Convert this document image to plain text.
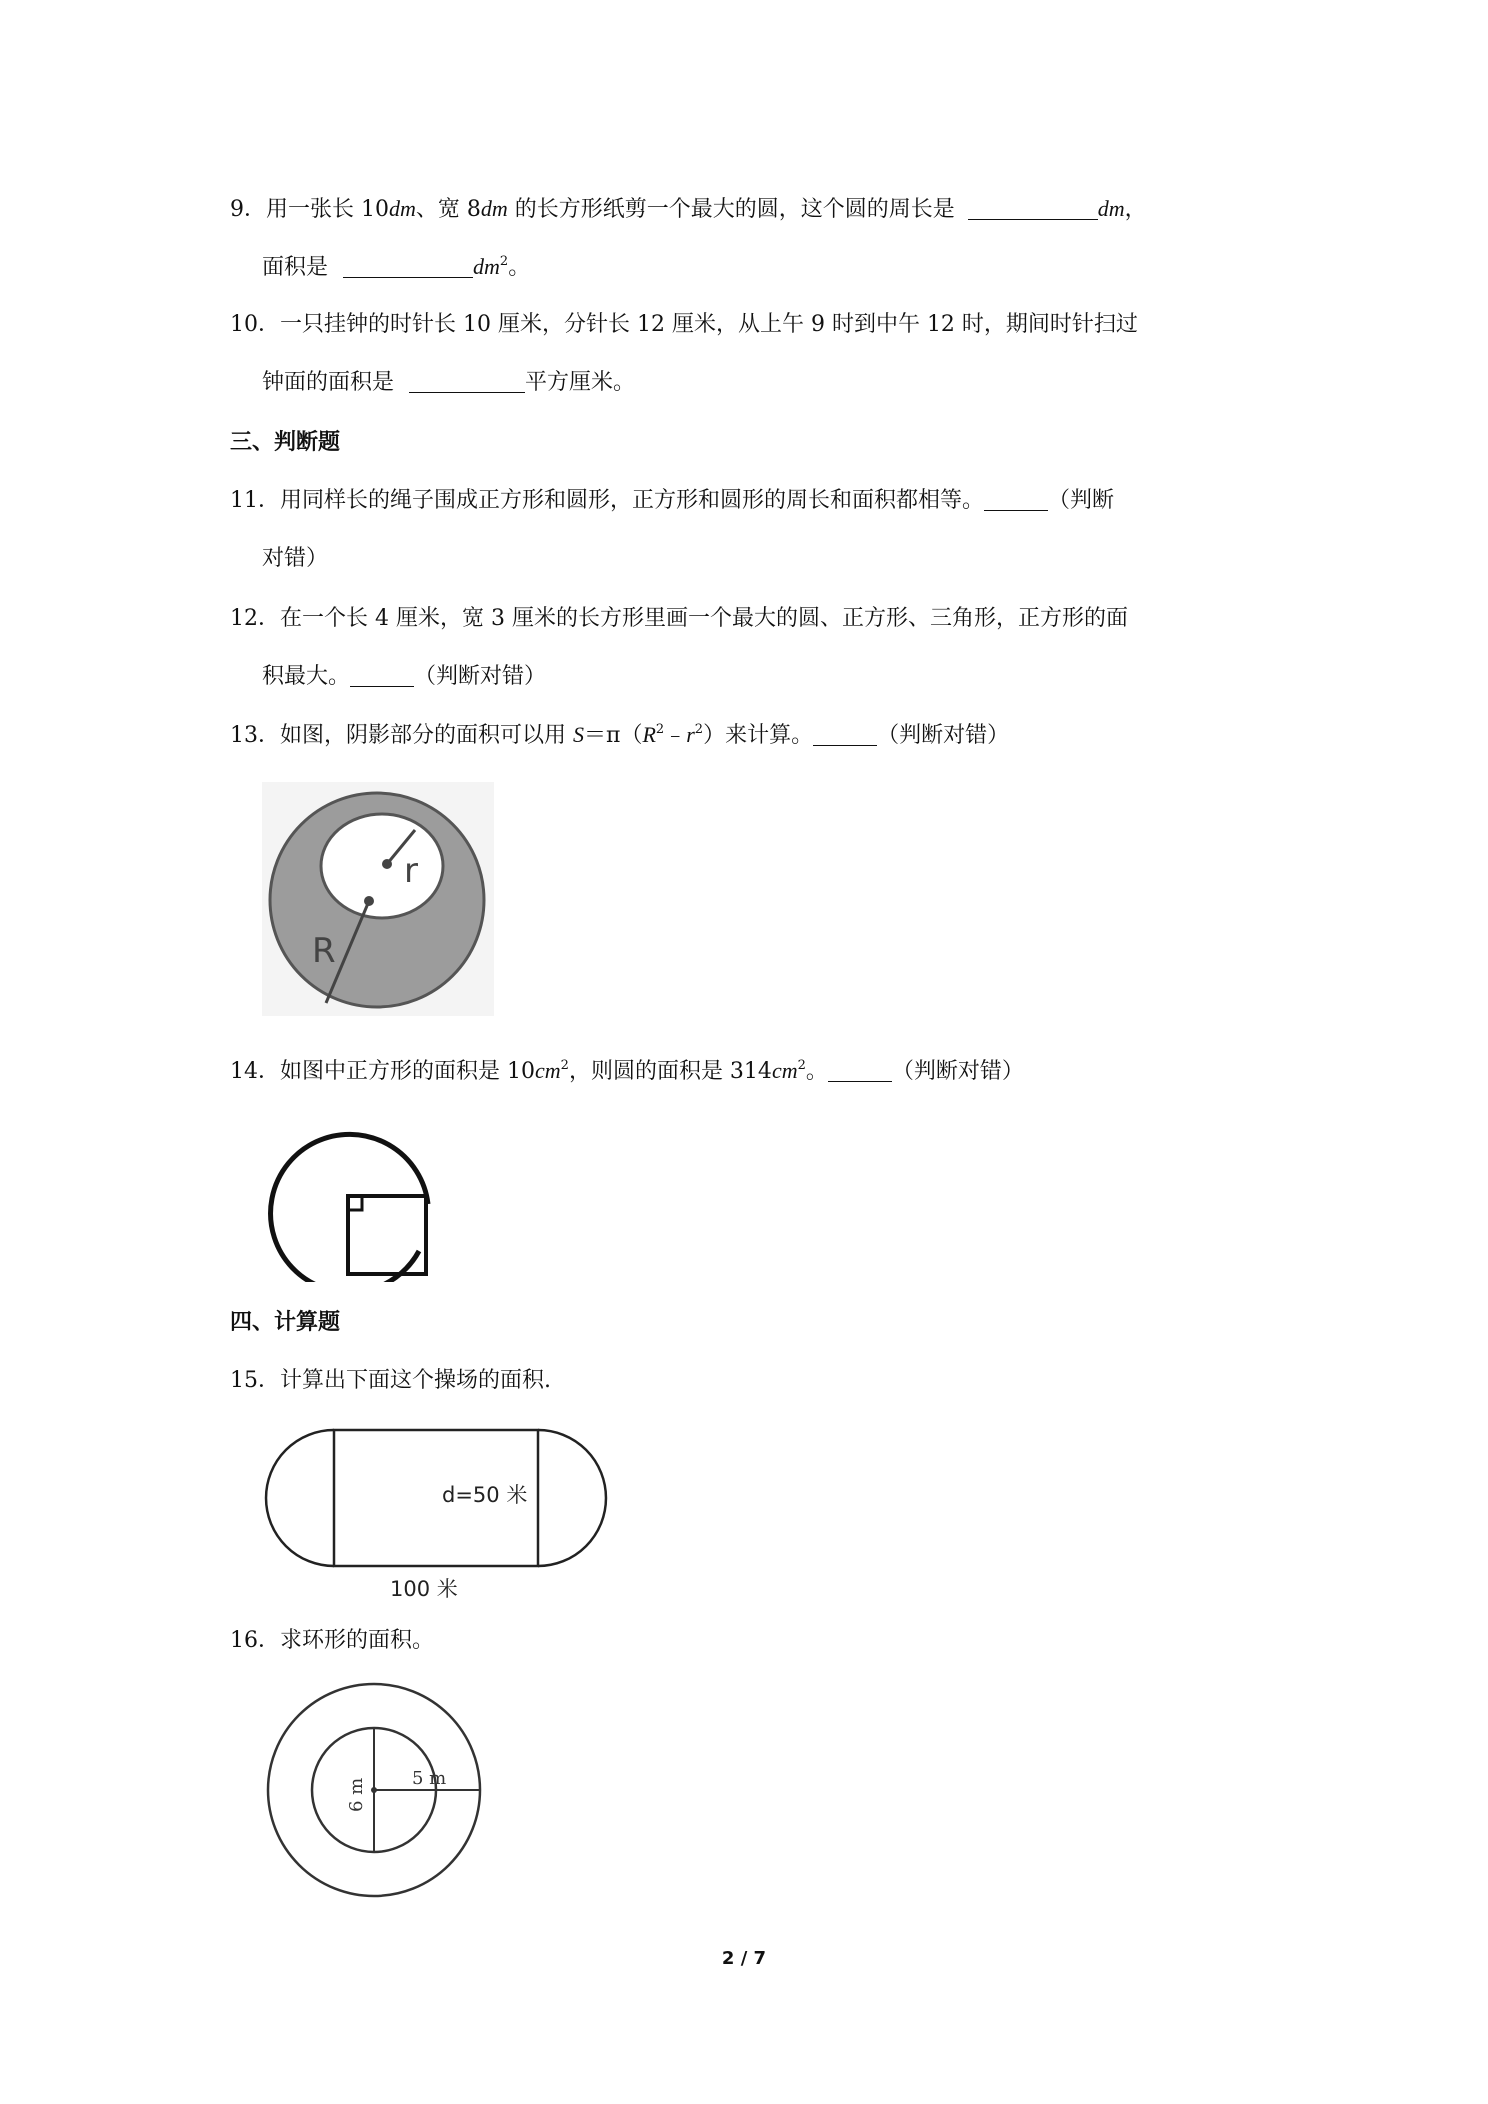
9．用一张长 10dm、宽 8dm 的长方形纸剪一个最大的圆，这个圆的周长是	dm，
面积是	$dm^2$。
10．一只挂钟的时针长 10 厘米，分针长 12 厘米，从上午 9 时到中午 12 时，期间时针扫过
钟面的面积是	平方厘米。
三、判断题
11．用同样长的绳子围成正方形和圆形，正方形和圆形的周长和面积都相等。	（判断
对错）
12．在一个长 4 厘米，宽 3 厘米的长方形里画一个最大的圆、正方形、三角形，正方形的面
积最大。	（判断对错）
13．如图，阴影部分的面积可以用 $S=\pi(R^2﹣r^2)$来计算。	（判断对错）
r
R
14．如图中正方形的面积是 $10cm^2$，则圆的面积是 $314cm^2$。	（判断对错）
四、计算题
15．计算出下面这个操场的面积.
d=50 米
100 米
16．求环形的面积。
6 m	5 m
2 / 7
